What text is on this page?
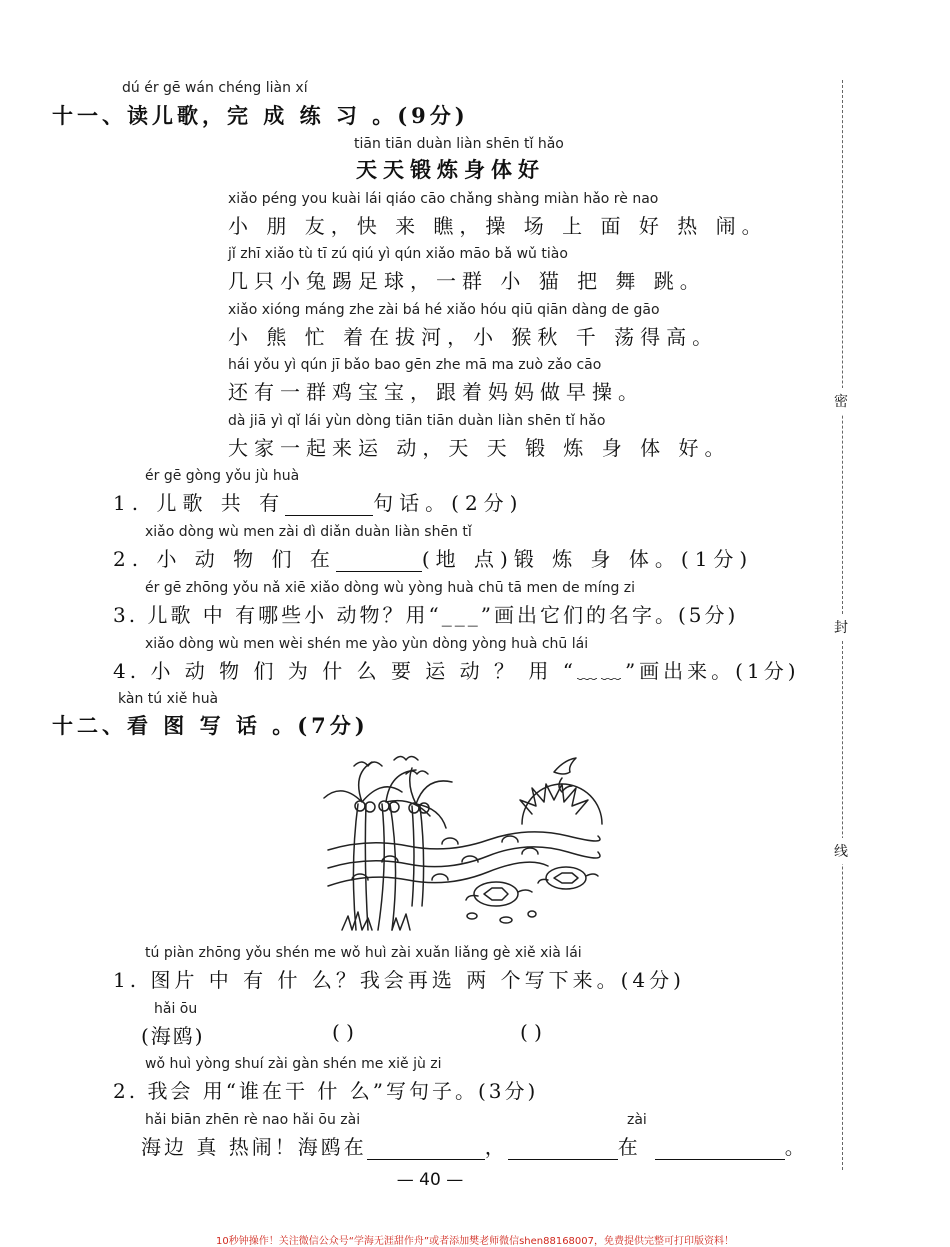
密
封
线
dú ér gē wán chéng liàn xí
十一、读儿歌，完 成 练 习 。(9分)
tiān tiān duàn liàn shēn tǐ hǎo
天天锻炼身体好
xiǎo péng you kuài lái qiáo cāo chǎng shàng miàn hǎo rè nao
小 朋 友，快 来 瞧，操 场 上 面 好 热 闹。
jǐ zhī xiǎo tù tī zú qiú yì qún xiǎo māo bǎ wǔ tiào
几只小兔踢足球，一群 小 猫 把 舞 跳。
xiǎo xióng máng zhe zài bá hé xiǎo hóu qiū qiān dàng de gāo
小 熊 忙 着在拔河，小 猴秋 千 荡得高。
hái yǒu yì qún jī bǎo bao gēn zhe mā ma zuò zǎo cāo
还有一群鸡宝宝，跟着妈妈做早操。
dà jiā yì qǐ lái yùn dòng tiān tiān duàn liàn shēn tǐ hǎo
大家一起来运 动，天 天 锻 炼 身 体 好。
ér gē gòng yǒu jù huà
1. 儿歌 共 有	句话。(2分)
xiǎo dòng wù men zài dì diǎn duàn liàn shēn tǐ
2. 小 动 物 们 在	(地 点)锻 炼 身 体。(1分)
ér gē zhōng yǒu nǎ xiē xiǎo dòng wù yòng huà chū tā men de míng zi
3. 儿歌 中 有哪些小 动物？用“___”画出它们的名字。(5分)
xiǎo dòng wù men wèi shén me yào yùn dòng yòng huà chū lái
4. 小 动 物 们 为 什 么 要 运 动 ？ 用 “﹏﹏”画出来。(1分)
kàn tú xiě huà
十二、看 图 写 话 。(7分)
tú piàn zhōng yǒu shén me wǒ huì zài xuǎn liǎng gè xiě xià lái
1. 图片 中 有 什 么？我会再选 两 个写下来。(4分)
hǎi ōu
(海鸥)	( )	( )
wǒ huì yòng shuí zài gàn shén me xiě jù zi
2. 我会 用“谁在干 什 么”写句子。(3分)
hǎi biān zhēn rè nao hǎi ōu zài	zài
海边 真 热闹！海鸥在	，	在	。
— 40 —
10秒钟操作！关注微信公众号“学海无涯甜作舟”或者添加樊老师微信shen88168007，免费提供完整可打印版资料！
